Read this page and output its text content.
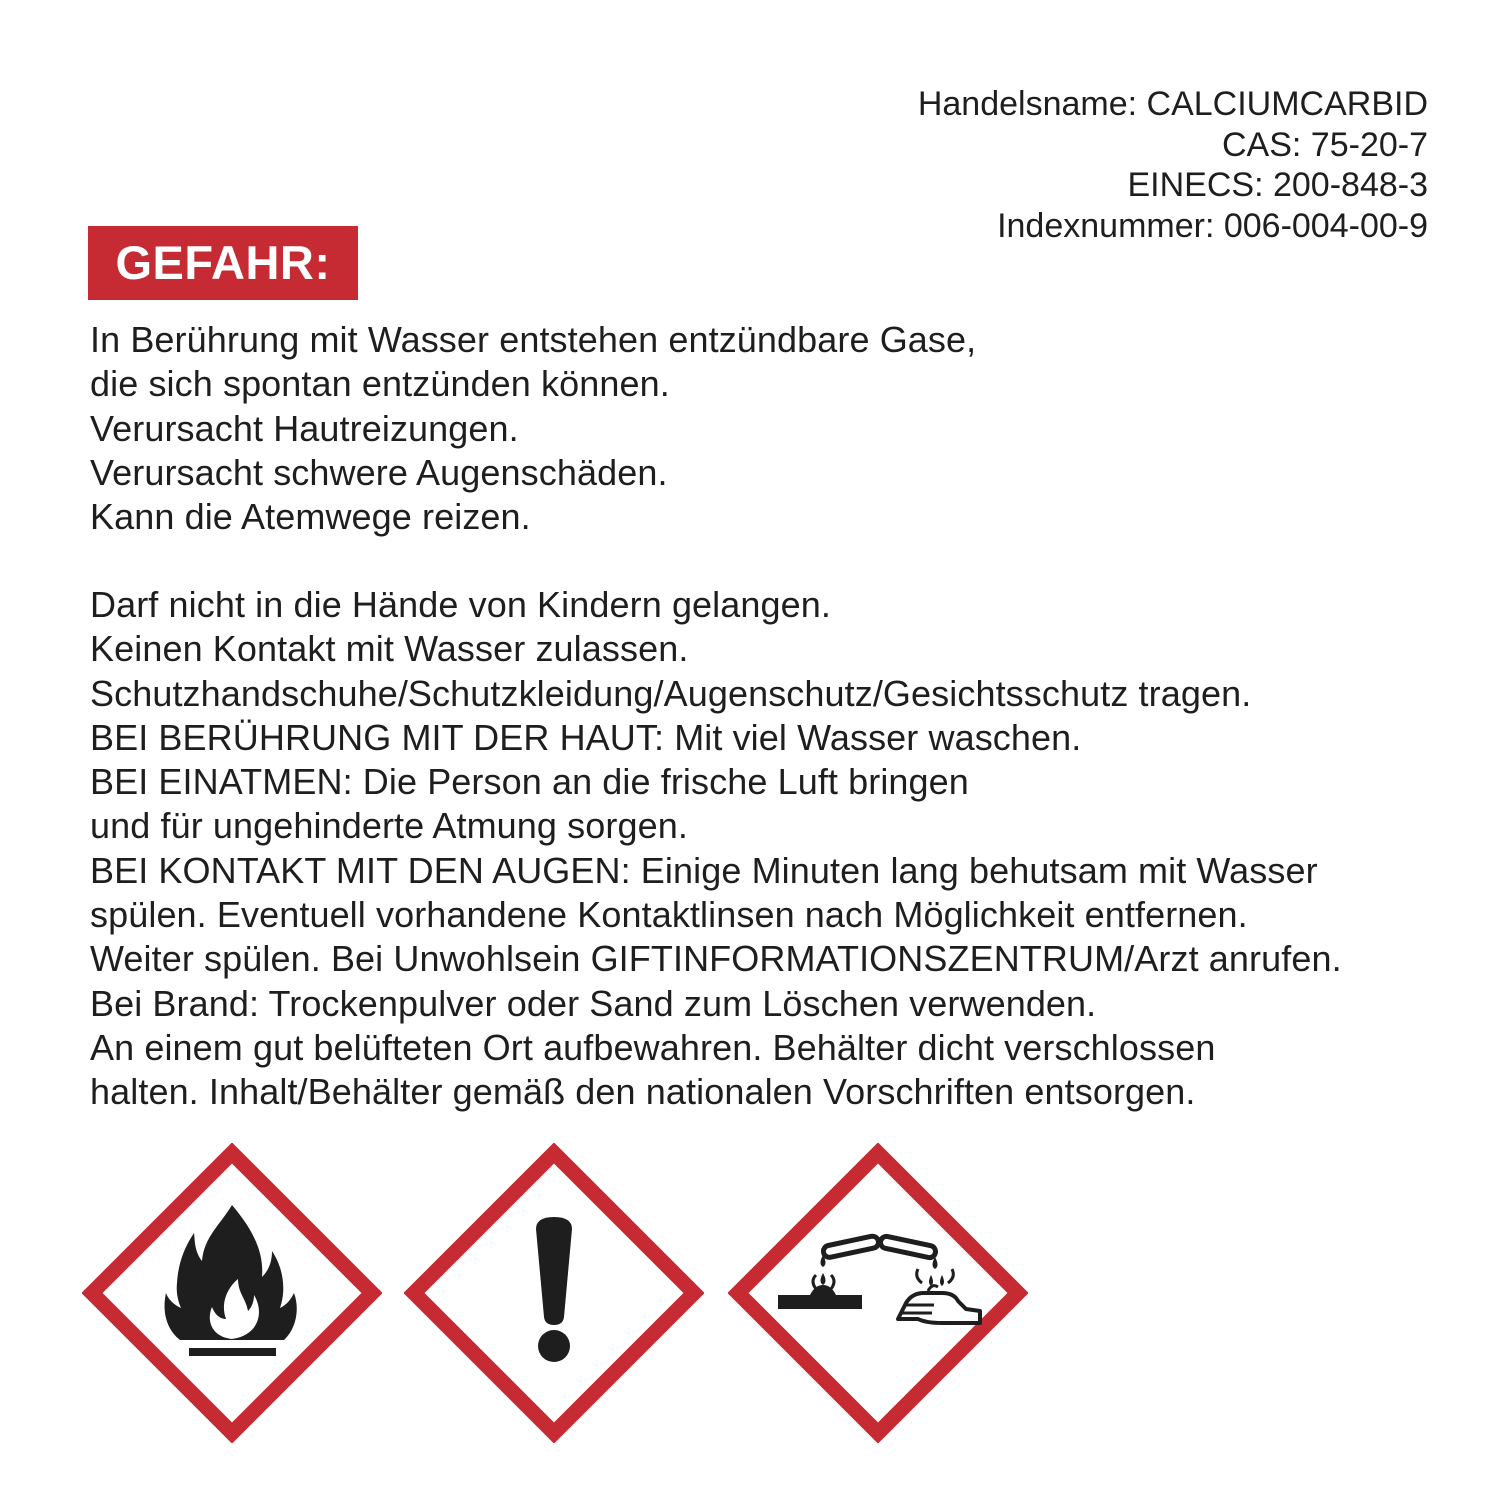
Handelsname: CALCIUMCARBID
CAS: 75-20-7
EINECS: 200-848-3
Indexnummer: 006-004-00-9
GEFAHR:
In Berührung mit Wasser entstehen entzündbare Gase,
die sich spontan entzünden können.
Verursacht Hautreizungen.
Verursacht schwere Augenschäden.
Kann die Atemwege reizen.
Darf nicht in die Hände von Kindern gelangen.
Keinen Kontakt mit Wasser zulassen.
Schutzhandschuhe/Schutzkleidung/Augenschutz/Gesichtsschutz tragen.
BEI BERÜHRUNG MIT DER HAUT: Mit viel Wasser waschen.
BEI EINATMEN: Die Person an die frische Luft bringen
und für ungehinderte Atmung sorgen.
BEI KONTAKT MIT DEN AUGEN: Einige Minuten lang behutsam mit Wasser
spülen. Eventuell vorhandene Kontaktlinsen nach Möglichkeit entfernen.
Weiter spülen. Bei Unwohlsein GIFTINFORMATIONSZENTRUM/Arzt anrufen.
Bei Brand: Trockenpulver oder Sand zum Löschen verwenden.
An einem gut belüfteten Ort aufbewahren. Behälter dicht verschlossen
halten. Inhalt/Behälter gemäß den nationalen Vorschriften entsorgen.
